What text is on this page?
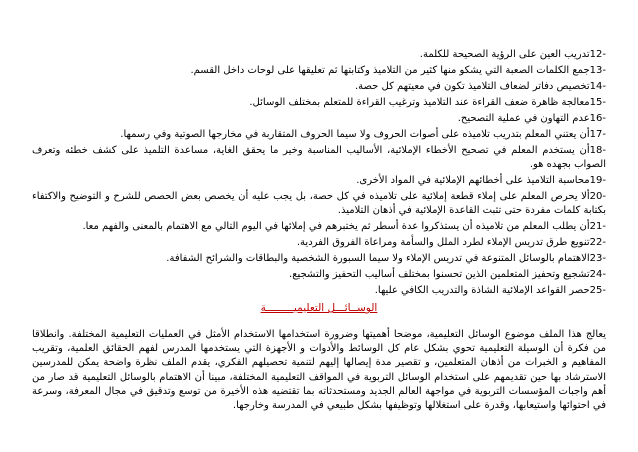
12-تدريب العين على الرؤية الصحيحة للكلمة.
13-جمع الكلمات الصعبة التي يشكو منها كثير من التلاميذ وكتابتها ثم تعليقها على لوحات داخل القسم.
14-تخصيص دفاتر لضعاف التلاميذ تكون في معيتهم كل حصة.
15-معالجة ظاهرة ضعف القراءة عند التلاميذ وترغيب القراءة للمتعلم بمختلف الوسائل.
16-عدم التهاون في عملية التصحيح.
17-أن يعتني المعلم بتدريب تلاميذه على أصوات الحروف ولا سيما الحروف المتقاربة في مخارجها الصوتية وفي رسمها.
18-أن يستخدم المعلم في تصحيح الأخطاء الإملائية، الأساليب المناسبة وخير ما يحقق الغاية، مساعدة التلميذ على كشف خطئه وتعرف الصواب بجهده هو.
19-محاسبة التلاميذ على أخطائهم الإملائية في المواد الأخرى.
20-ألا يحرص المعلم على إملاء قطعة إملائية على تلاميذه في كل حصة، بل يجب عليه أن يخصص بعض الحصص للشرح و التوضيح والاكتفاء بكتابة كلمات مفردة حتى تثبت القاعدة الإملائية في أذهان التلاميذ.
21-أن يطلب المعلم من تلاميذه أن يستذكروا عدة أسطر ثم يختبرهم في إملائها في اليوم التالي مع الاهتمام بالمعنى والفهم معا.
22-تنويع طرق تدريس الإملاء لطرد الملل والسأمة ومراعاة الفروق الفردية.
23-الاهتمام بالوسائل المتنوعة في تدريس الإملاء ولا سيما السبورة الشخصية والبطاقات والشرائح الشفافة.
24-تشجيع وتحفيز المتعلمين الذين تحسنوا بمختلف أساليب التحفيز والتشجيع.
25-حصر القواعد الإملائية الشاذة والتدريب الكافي عليها.
الوســائـــل التعليميـــــــــة

يعالج هذا الملف موضوع الوسائل التعليمية، موضحا أهميتها وضرورة استخدامها الاستخدام الأمثل في العمليات التعليمية المختلفة. وانطلاقا من فكرة أن الوسيلة التعليمية تحوي بشكل عام كل الوسائط والأدوات و الأجهزة التي يستخدمها المدرس لفهم الحقائق العلمية، وتقريب المفاهيم و الخبرات من أذهان المتعلمين، و تقصير مدة إيصالها إليهم لتنمية تحصيلهم الفكري، يقدم الملف نظرة واضحة يمكن للمدرسين الاسترشاد بها حين تقديمهم على استخدام الوسائل التربوية في المواقف التعليمية المختلفة، مبينا أن الاهتمام بالوسائل التعليمية قد صار من أهم واجبات المؤسسات التربوية في مواجهة العالم الجديد ومستحدثاته بما تقتضيه هذه الأخيرة من توسع وتدقيق في مجال المعرفة، وسرعة في احتوائها واستيعابها، وقدرة على استغلالها وتوظيفها بشكل طبيعي في المدرسة وخارجها.
